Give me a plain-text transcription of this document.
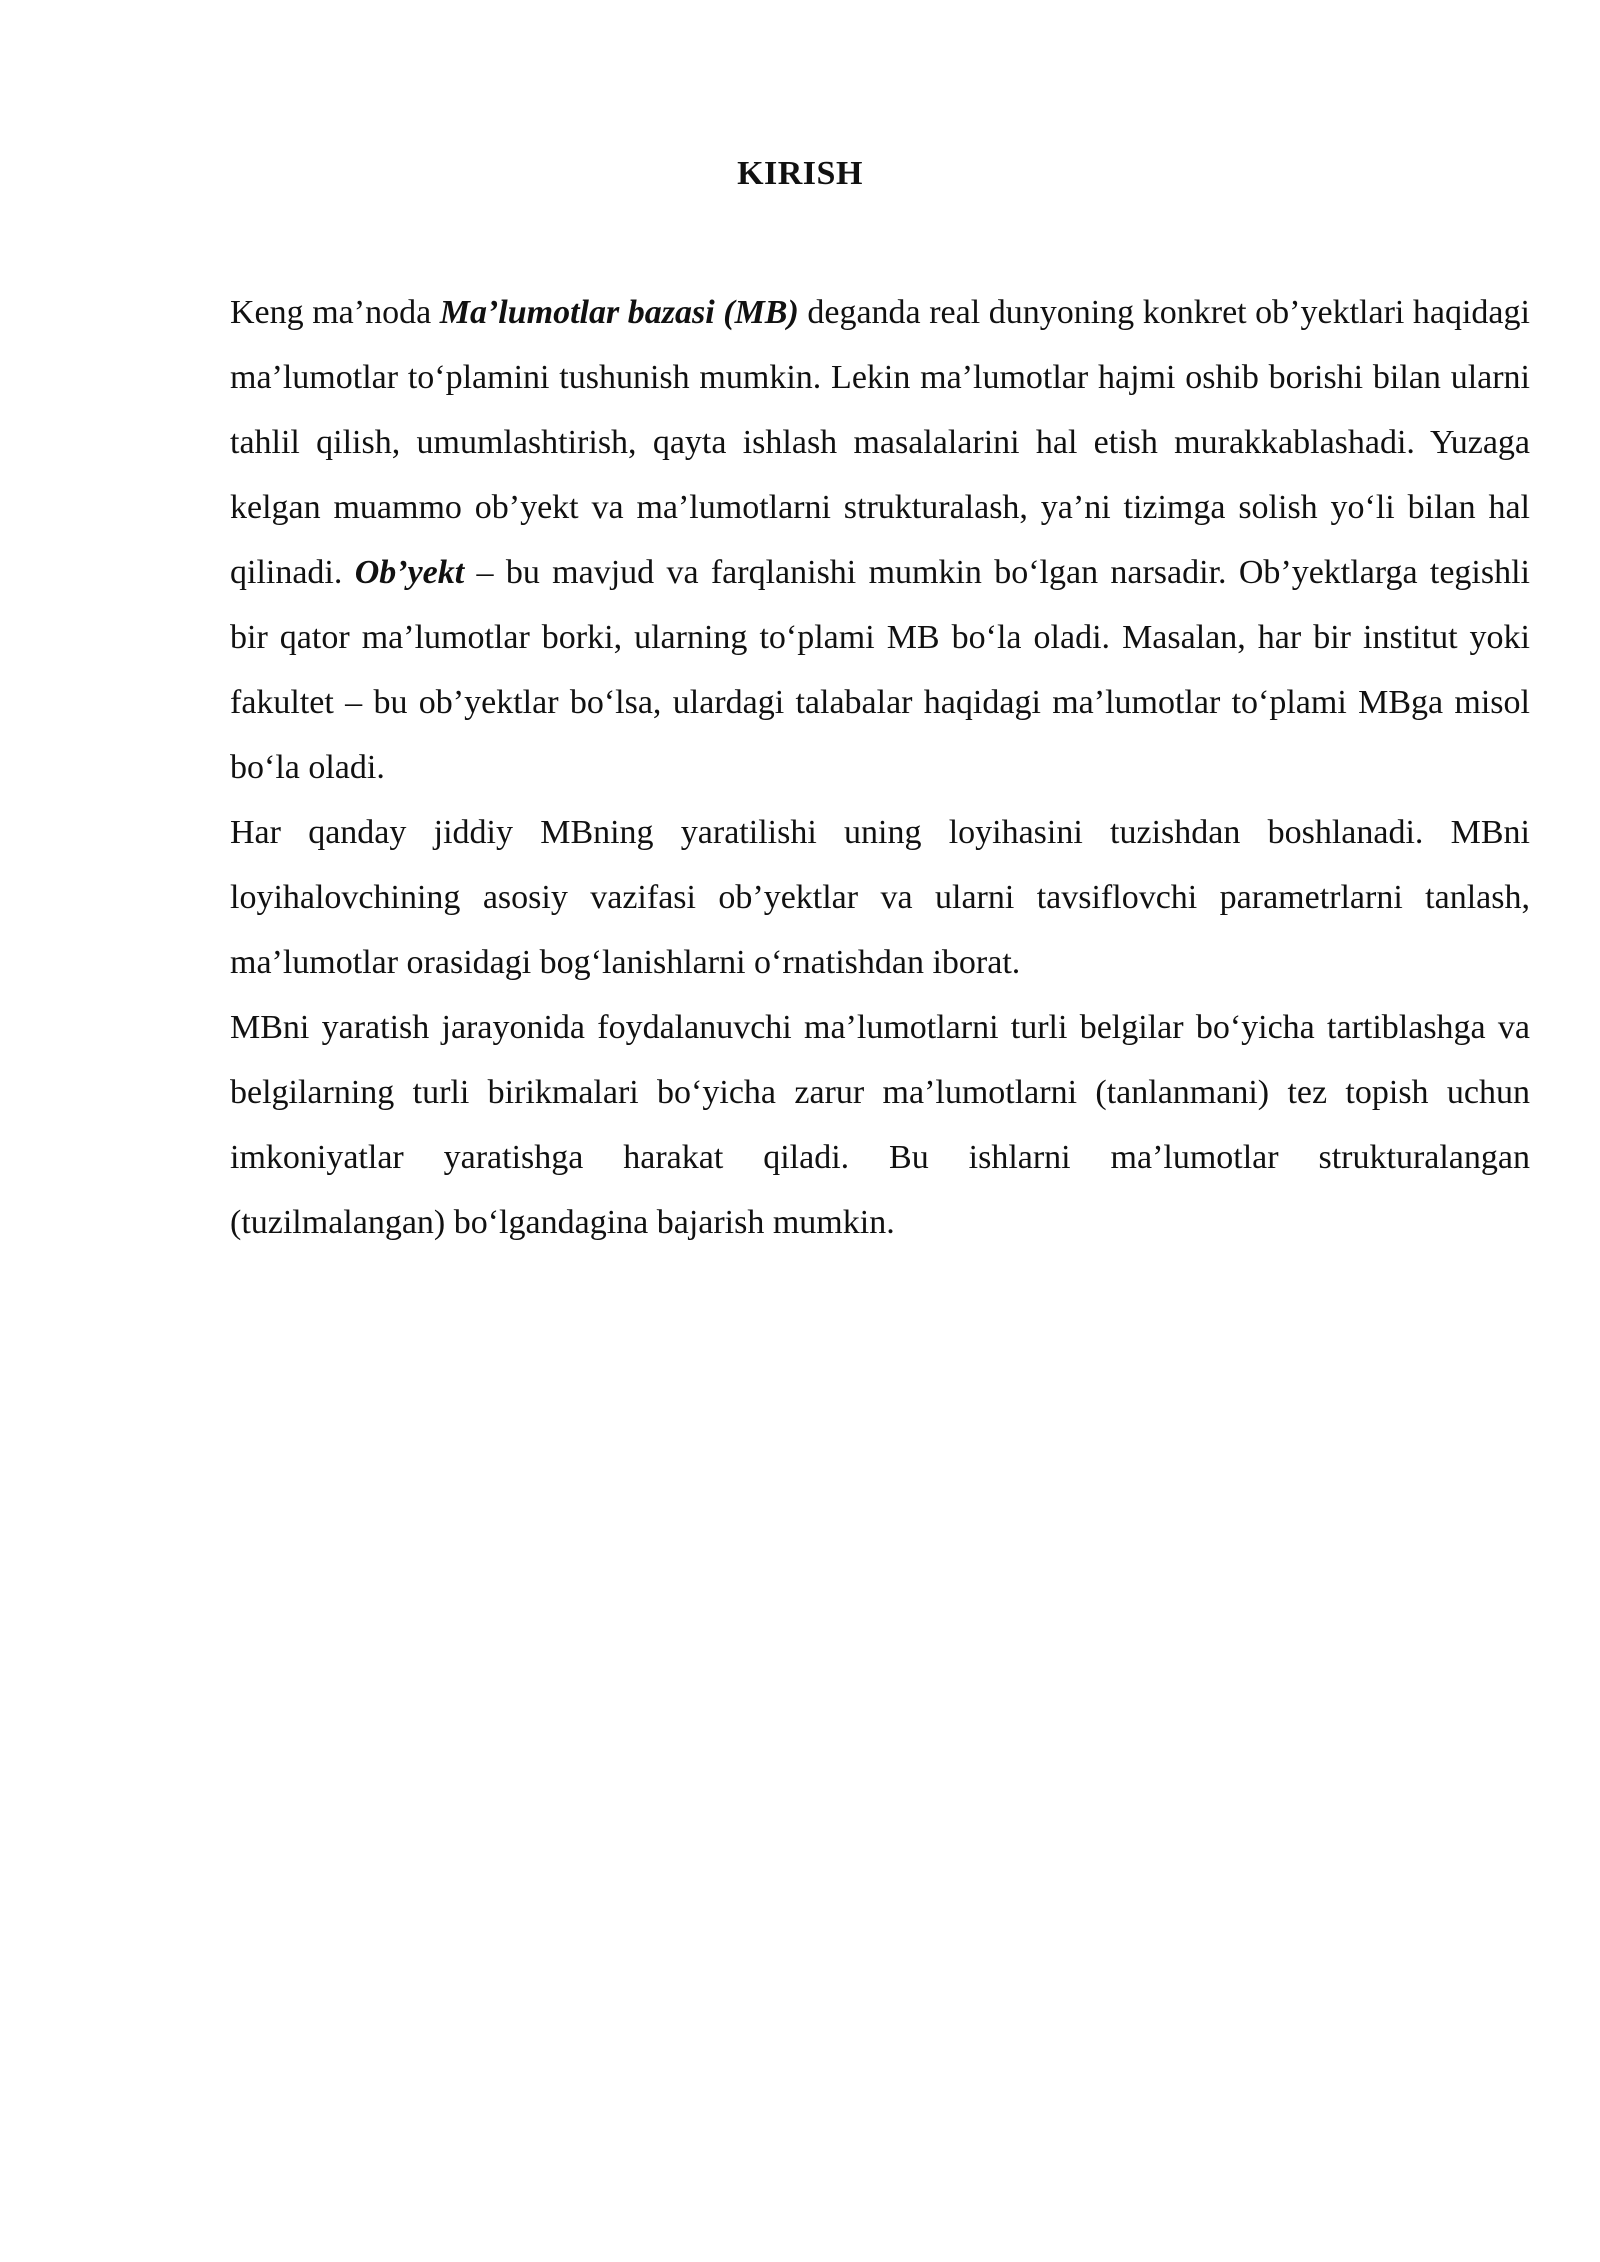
KIRISH

Keng ma’noda Ma’lumotlar bazasi (MB) deganda real dunyoning konkret ob’yektlari haqidagi ma’lumotlar to‘plamini tushunish mumkin. Lekin ma’lumotlar hajmi oshib borishi bilan ularni tahlil qilish, umumlashtirish, qayta ishlash masalalarini hal etish murakkablashadi. Yuzaga kelgan muammo ob’yekt va ma’lumotlarni strukturalash, ya’ni tizimga solish yo‘li bilan hal qilinadi. Ob’yekt – bu mavjud va farqlanishi mumkin bo‘lgan narsadir. Ob’yektlarga tegishli bir qator ma’lumotlar borki, ularning to‘plami MB bo‘la oladi. Masalan, har bir institut yoki fakultet – bu ob’yektlar bo‘lsa, ulardagi talabalar haqidagi ma’lumotlar to‘plami MBga misol bo‘la oladi.

Har qanday jiddiy MBning yaratilishi uning loyihasini tuzishdan boshlanadi. MBni loyihalovchining asosiy vazifasi ob’yektlar va ularni tavsiflovchi parametrlarni tanlash, ma’lumotlar orasidagi bog‘lanishlarni o‘rnatishdan iborat.

MBni yaratish jarayonida foydalanuvchi ma’lumotlarni turli belgilar bo‘yicha tartiblashga va belgilarning turli birikmalari bo‘yicha zarur ma’lumotlarni (tanlanmani) tez topish uchun imkoniyatlar yaratishga harakat qiladi. Bu ishlarni ma’lumotlar strukturalangan (tuzilmalangan) bo‘lgandagina bajarish mumkin.
